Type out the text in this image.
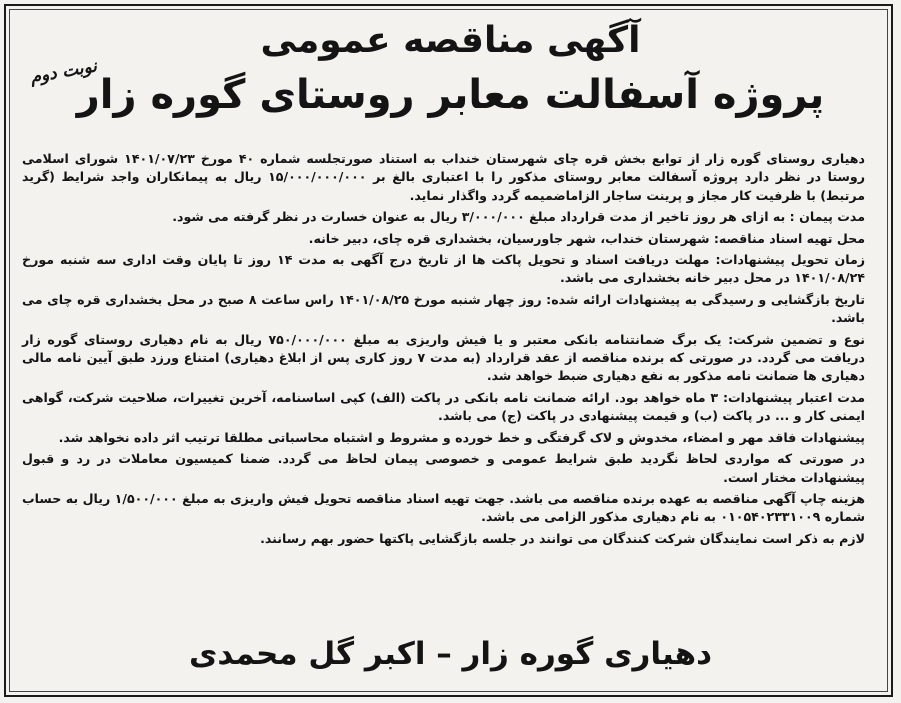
نوبت دوم
آگهی مناقصه عمومی
پروژه آسفالت معابر روستای گوره زار

دهیاری روستای گوره زار از توابع بخش قره چای شهرستان خنداب به استناد صورتجلسه شماره ۴۰ مورخ ۱۴۰۱/۰۷/۲۳ شورای اسلامی روستا در نظر دارد پروژه آسفالت معابر روستای مذکور را با اعتباری بالغ بر ۱۵/۰۰۰/۰۰۰/۰۰۰ ریال به پیمانکاران واجد شرایط (گرید مرتبط) با ظرفیت کار مجاز و پرینت ساجار الزاماضمیمه گردد واگذار نماید.

مدت پیمان : به ازای هر روز تاخیر از مدت قرارداد مبلغ ۳/۰۰۰/۰۰۰ ریال به عنوان خسارت در نظر گرفته می شود.

محل تهیه اسناد مناقصه: شهرستان خنداب، شهر جاورسیان، بخشداری قره چای، دبیر خانه.

زمان تحویل پیشنهادات: مهلت دریافت اسناد و تحویل پاکت ها از تاریخ درج آگهی به مدت ۱۴ روز تا پایان وقت اداری سه شنبه مورخ ۱۴۰۱/۰۸/۲۴ در محل دبیر خانه بخشداری می باشد.

تاریخ بازگشایی و رسیدگی به پیشنهادات ارائه شده: روز چهار شنبه مورخ ۱۴۰۱/۰۸/۲۵ راس ساعت ۸ صبح در محل بخشداری قره چای می باشد.

نوع و تضمین شرکت: یک برگ ضمانتنامه بانکی معتبر و یا فیش واریزی به مبلغ ۷۵۰/۰۰۰/۰۰۰ ریال به نام دهیاری روستای گوره زار دریافت می گردد. در صورتی که برنده مناقصه از عقد قرارداد (به مدت ۷ روز کاری پس از ابلاغ دهیاری) امتناع ورزد طبق آیین نامه مالی دهیاری ها ضمانت نامه مذکور به نفع دهیاری ضبط خواهد شد.

مدت اعتبار پیشنهادات: ۳ ماه خواهد بود. ارائه ضمانت نامه بانکی در پاکت (الف) کپی اساسنامه، آخرین تغییرات، صلاحیت شرکت، گواهی ایمنی کار و ... در پاکت (ب) و قیمت پیشنهادی در پاکت (ج) می باشد.

پیشنهادات فاقد مهر و امضاء، مخدوش و لاک گرفتگی و خط خورده و مشروط و اشتباه محاسباتی مطلقا ترتیب اثر داده نخواهد شد.

در صورتی که مواردی لحاظ نگردید طبق شرایط عمومی و خصوصی پیمان لحاظ می گردد. ضمنا کمیسیون معاملات در رد و قبول پیشنهادات مختار است.

هزینه چاپ آگهی مناقصه به عهده برنده مناقصه می باشد. جهت تهیه اسناد مناقصه تحویل فیش واریزی به مبلغ ۱/۵۰۰/۰۰۰ ریال به حساب شماره ۰۱۰۵۴۰۲۳۳۱۰۰۹ به نام دهیاری مذکور الزامی می باشد.

لازم به ذکر است نمایندگان شرکت کنندگان می توانند در جلسه بازگشایی پاکتها حضور بهم رسانند.

دهیاری گوره زار – اکبر گل محمدی
